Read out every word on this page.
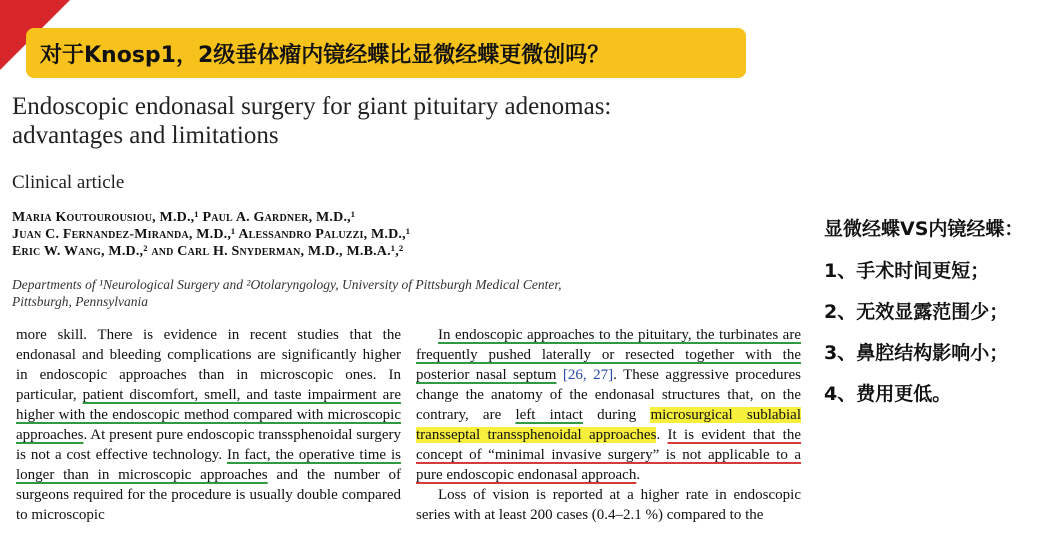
对于Knosp1，2级垂体瘤内镜经蝶比显微经蝶更微创吗？
Endoscopic endonasal surgery for giant pituitary adenomas:
advantages and limitations
Clinical article
Maria Koutourousiou, M.D.,¹ Paul A. Gardner, M.D.,¹
Juan C. Fernandez-Miranda, M.D.,¹ Alessandro Paluzzi, M.D.,¹
Eric W. Wang, M.D.,² and Carl H. Snyderman, M.D., M.B.A.¹,²
Departments of ¹Neurological Surgery and ²Otolaryngology, University of Pittsburgh Medical Center,
Pittsburgh, Pennsylvania

more skill. There is evidence in recent studies that the endonasal and bleeding complications are significantly higher in endoscopic approaches than in microscopic ones. In particular, patient discomfort, smell, and taste impairment are higher with the endoscopic method compared with microscopic approaches. At present pure endoscopic transsphenoidal surgery is not a cost effective technology. In fact, the operative time is longer than in microscopic approaches and the number of surgeons required for the procedure is usually double compared to microscopic

In endoscopic approaches to the pituitary, the turbinates are frequently pushed laterally or resected together with the posterior nasal septum [26, 27]. These aggressive procedures change the anatomy of the endonasal structures that, on the contrary, are left intact during microsurgical sublabial transseptal transsphenoidal approaches. It is evident that the concept of “minimal invasive surgery” is not applicable to a pure endoscopic endonasal approach.

Loss of vision is reported at a higher rate in endoscopic series with at least 200 cases (0.4–2.1 %) compared to the

显微经蝶VS内镜经蝶：
1、手术时间更短；
2、无效显露范围少；
3、鼻腔结构影响小；
4、费用更低。
